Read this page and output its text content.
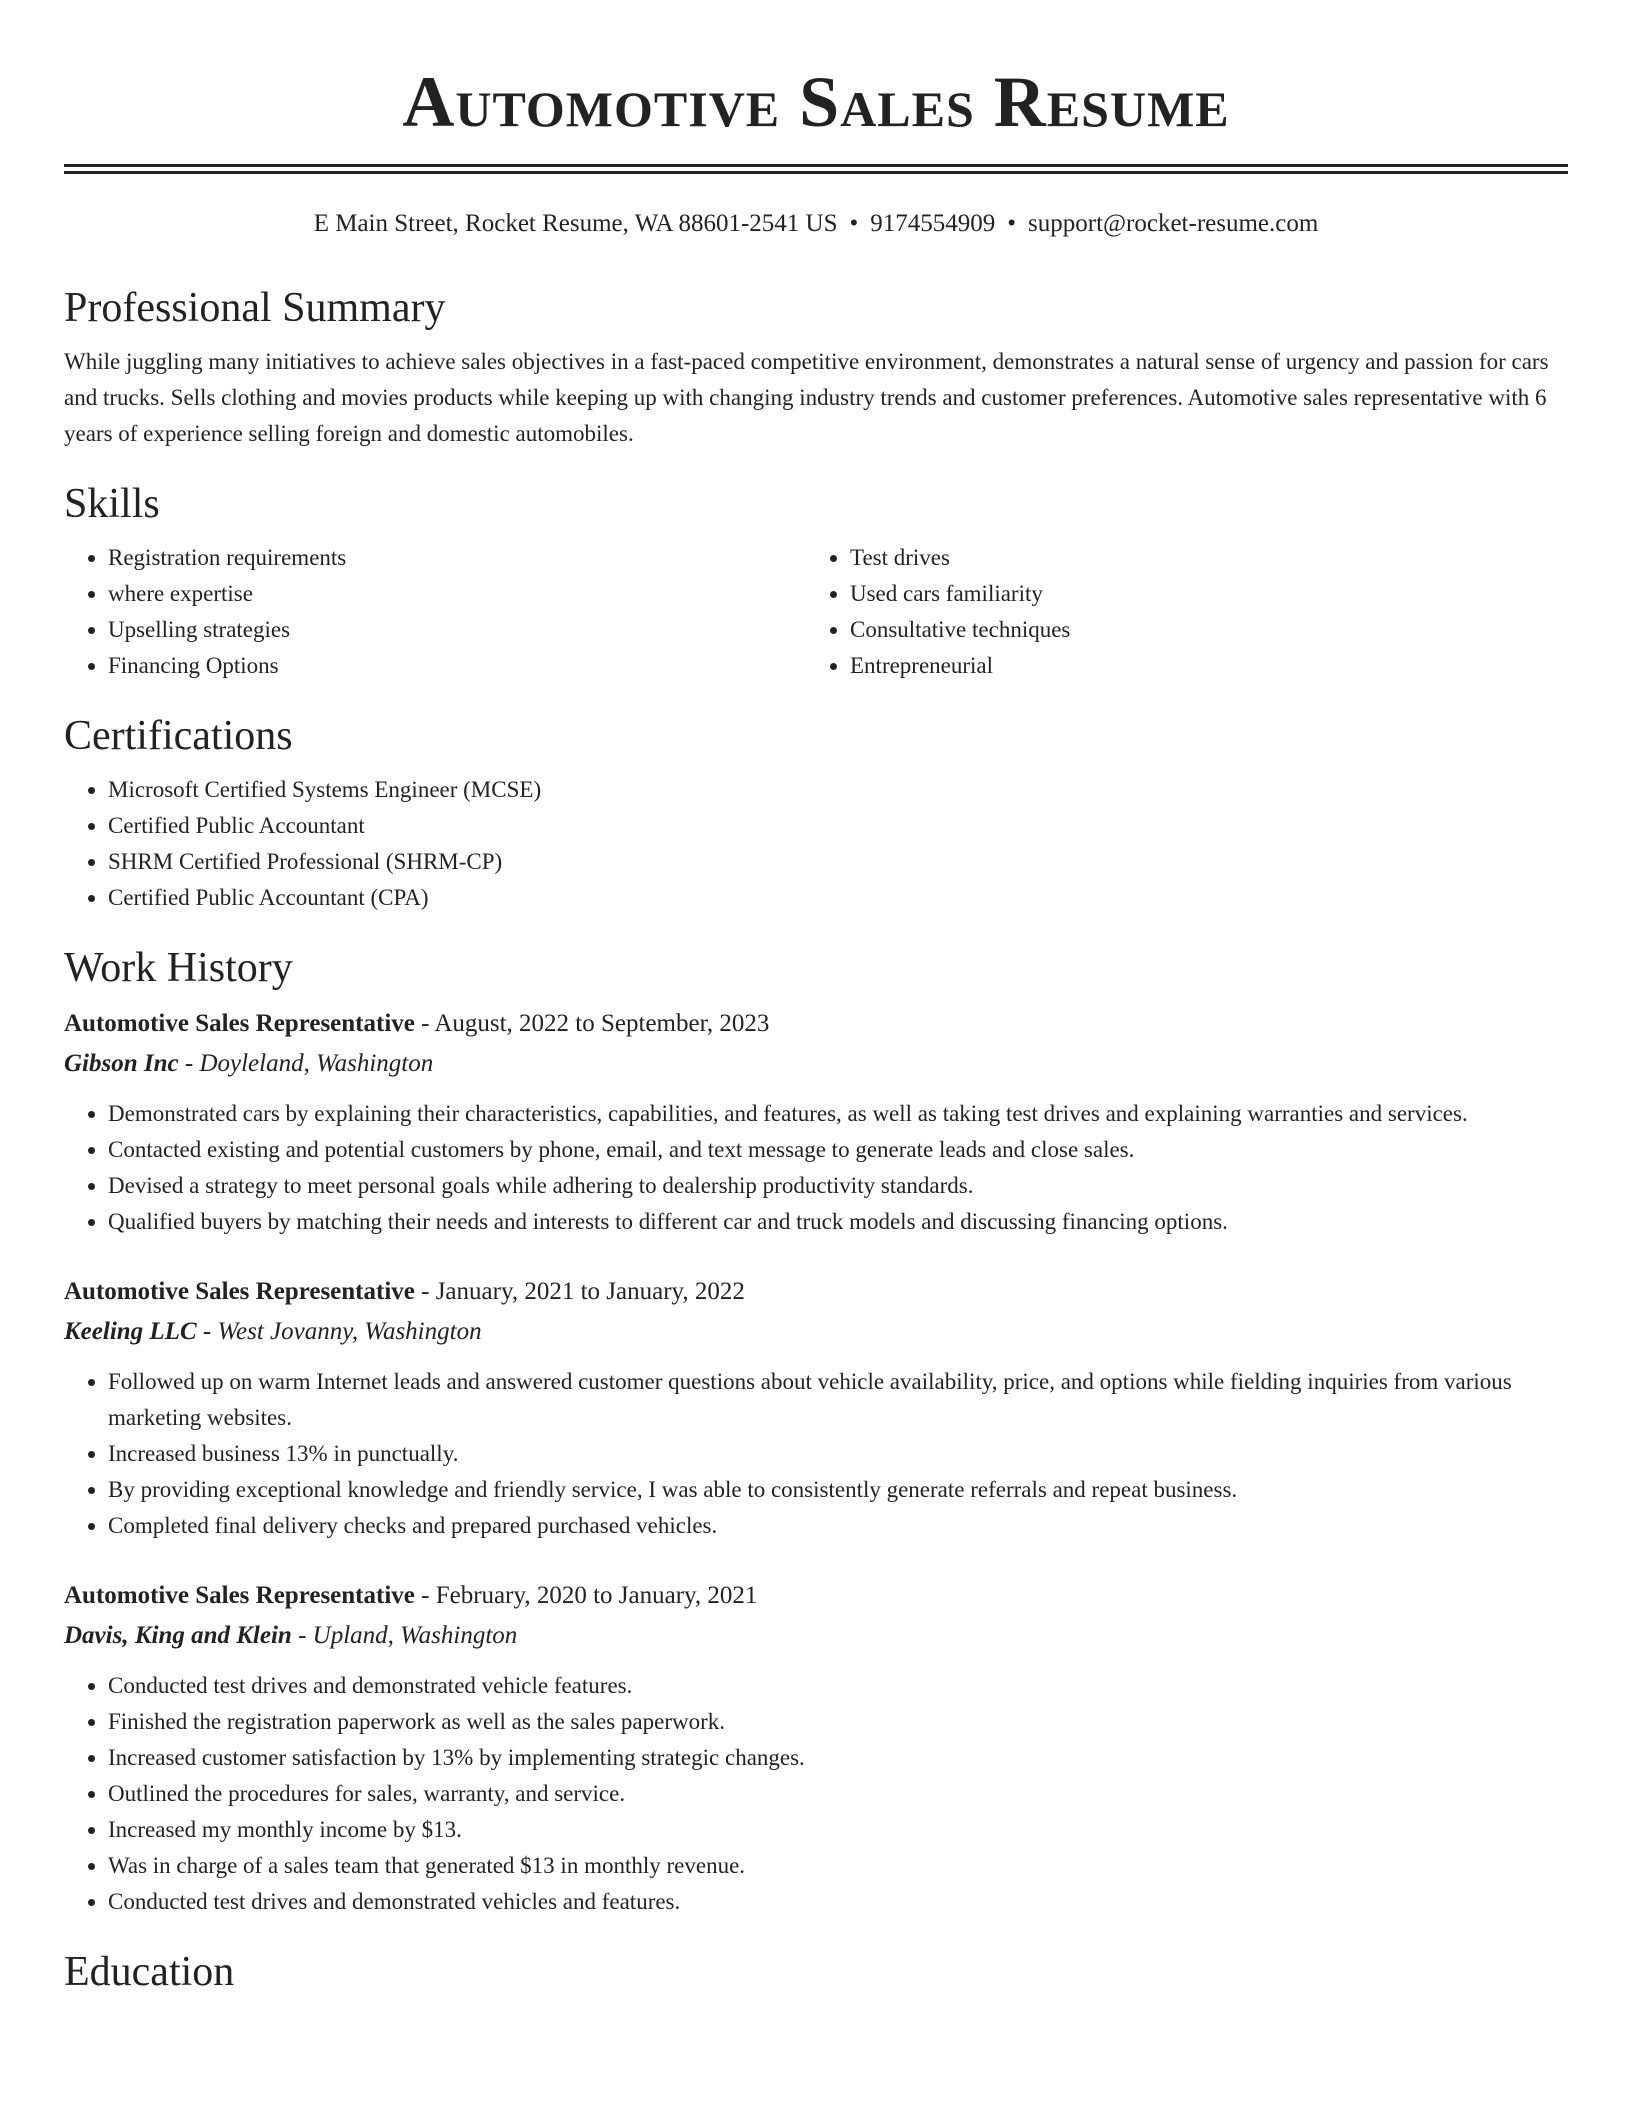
Automotive Sales Resume
E Main Street, Rocket Resume, WA 88601-2541 US • 9174554909 • support@rocket-resume.com
Professional Summary

While juggling many initiatives to achieve sales objectives in a fast-paced competitive environment, demonstrates a natural sense of urgency and passion for cars and trucks. Sells clothing and movies products while keeping up with changing industry trends and customer preferences. Automotive sales representative with 6 years of experience selling foreign and domestic automobiles.

Skills
• Registration requirements
• where expertise
• Upselling strategies
• Financing Options
• Test drives
• Used cars familiarity
• Consultative techniques
• Entrepreneurial
Certifications
• Microsoft Certified Systems Engineer (MCSE)
• Certified Public Accountant
• SHRM Certified Professional (SHRM-CP)
• Certified Public Accountant (CPA)
Work History
Automotive Sales Representative - August, 2022 to September, 2023
Gibson Inc - Doyleland, Washington
• Demonstrated cars by explaining their characteristics, capabilities, and features, as well as taking test drives and explaining warranties and services.
• Contacted existing and potential customers by phone, email, and text message to generate leads and close sales.
• Devised a strategy to meet personal goals while adhering to dealership productivity standards.
• Qualified buyers by matching their needs and interests to different car and truck models and discussing financing options.
Automotive Sales Representative - January, 2021 to January, 2022
Keeling LLC - West Jovanny, Washington
• Followed up on warm Internet leads and answered customer questions about vehicle availability, price, and options while fielding inquiries from various marketing websites.
• Increased business 13% in punctually.
• By providing exceptional knowledge and friendly service, I was able to consistently generate referrals and repeat business.
• Completed final delivery checks and prepared purchased vehicles.
Automotive Sales Representative - February, 2020 to January, 2021
Davis, King and Klein - Upland, Washington
• Conducted test drives and demonstrated vehicle features.
• Finished the registration paperwork as well as the sales paperwork.
• Increased customer satisfaction by 13% by implementing strategic changes.
• Outlined the procedures for sales, warranty, and service.
• Increased my monthly income by $13.
• Was in charge of a sales team that generated $13 in monthly revenue.
• Conducted test drives and demonstrated vehicles and features.
Education
